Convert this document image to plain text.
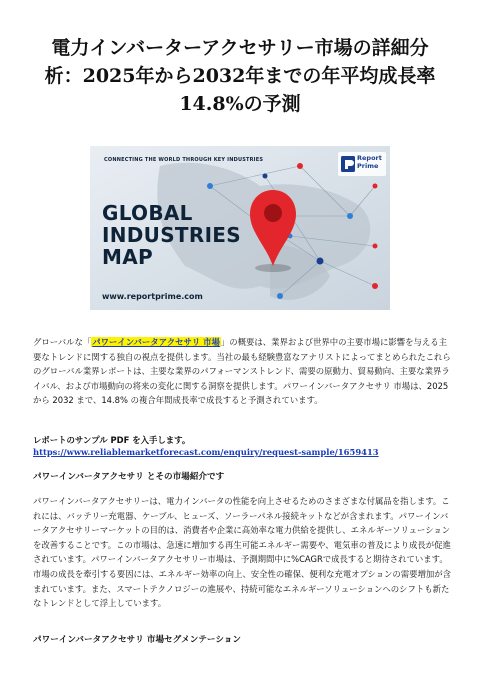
電力インバーターアクセサリー市場の詳細分
析：2025年から2032年までの年平均成長率
14.8%の予測
CONNECTING THE WORLD THROUGH KEY INDUSTRIES	Report
Prime
GLOBAL
INDUSTRIES
MAP
www.reportprime.com

グローバルな「パワーインバータアクセサリ 市場」の概要は、業界および世界中の主要市場に影響を与える主要なトレンドに関する独自の視点を提供します。当社の最も経験豊富なアナリストによってまとめられたこれらのグローバル業界レポートは、主要な業界のパフォーマンストレンド、需要の原動力、貿易動向、主要な業界ライバル、および市場動向の将来の変化に関する洞察を提供します。パワーインバータアクセサリ 市場は、2025 から 2032 まで、14.8% の複合年間成長率で成長すると予測されています。

レポートのサンプル PDF を入手します。
https://www.reliablemarketforecast.com/enquiry/request-sample/1659413
パワーインバータアクセサリ とその市場紹介です

パワーインバータアクセサリーは、電力インバータの性能を向上させるためのさまざまな付属品を指します。これには、バッテリー充電器、ケーブル、ヒューズ、ソーラーパネル接続キットなどが含まれます。パワーインバータアクセサリーマーケットの目的は、消費者や企業に高効率な電力供給を提供し、エネルギーソリューションを改善することです。この市場は、急速に増加する再生可能エネルギー需要や、電気車の普及により成長が促進されています。パワーインバータアクセサリー市場は、予測期間中に%CAGRで成長すると期待されています。市場の成長を牽引する要因には、エネルギー効率の向上、安全性の確保、便利な充電オプションの需要増加が含まれています。また、スマートテクノロジーの進展や、持続可能なエネルギーソリューションへのシフトも新たなトレンドとして浮上しています。

パワーインバータアクセサリ 市場セグメンテーション
